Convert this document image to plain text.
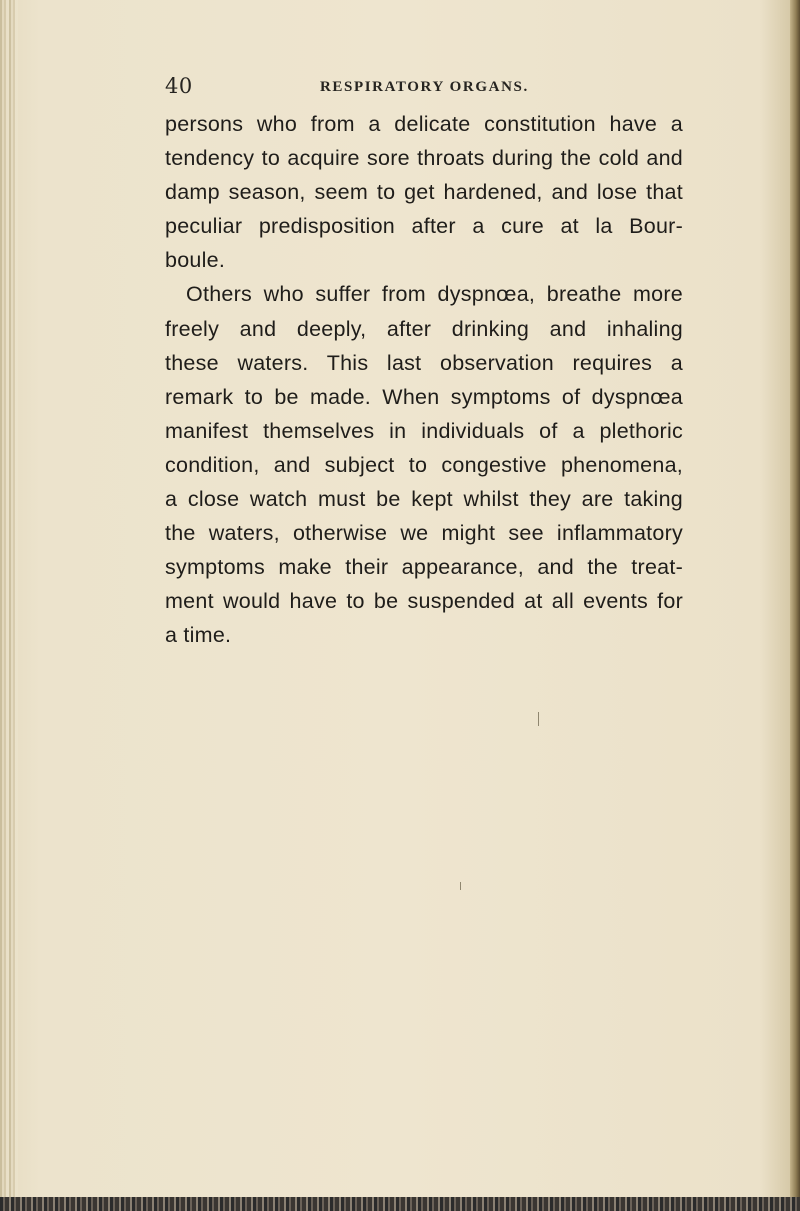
40	RESPIRATORY ORGANS.

persons who from a delicate constitution have a
tendency to acquire sore throats during the cold and
damp season, seem to get hardened, and lose that
peculiar predisposition after a cure at la Bour-
boule.

Others who suffer from dyspnœa, breathe more
freely and deeply, after drinking and inhaling
these waters. This last observation requires a
remark to be made. When symptoms of dyspnœa
manifest themselves in individuals of a plethoric
condition, and subject to congestive phenomena,
a close watch must be kept whilst they are taking
the waters, otherwise we might see inflammatory
symptoms make their appearance, and the treat-
ment would have to be suspended at all events for
a time.
